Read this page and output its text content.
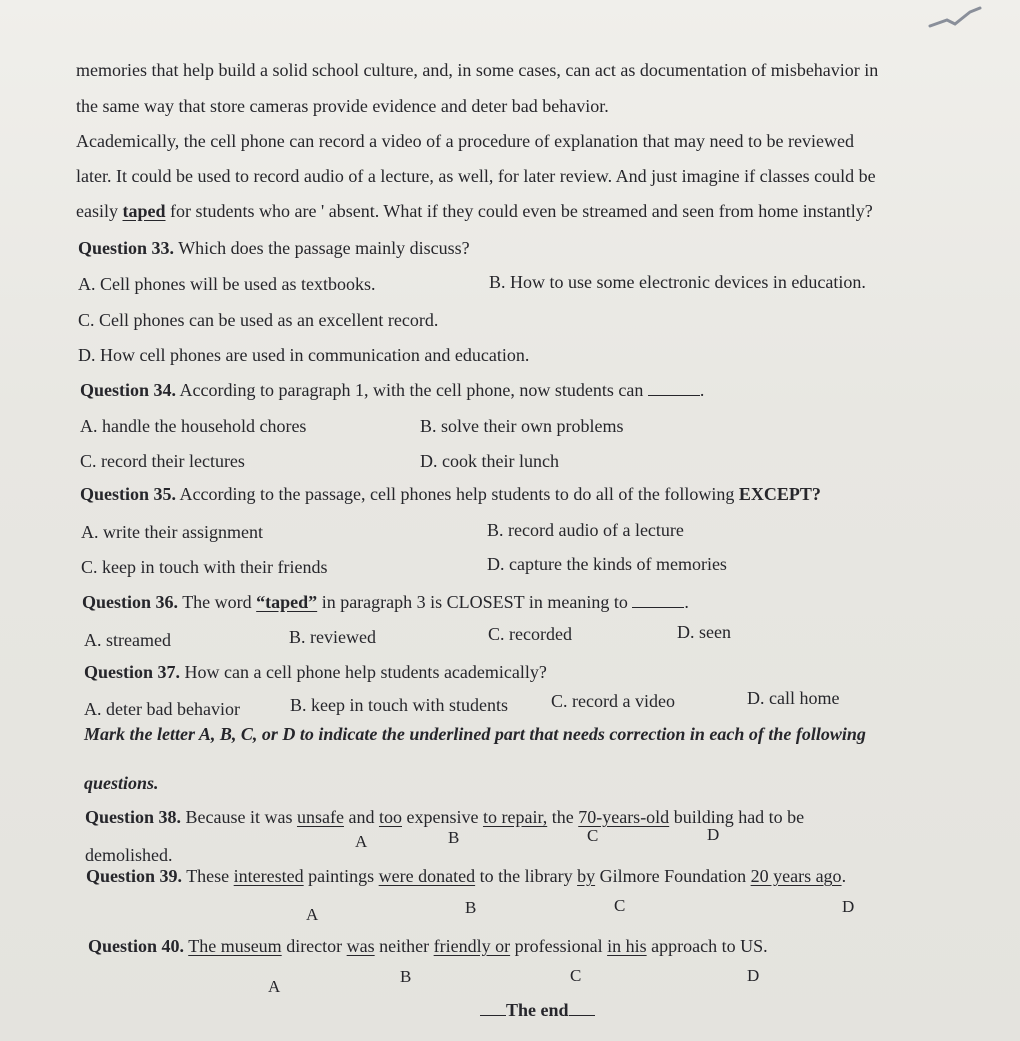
memories that help build a solid school culture, and, in some cases, can act as documentation of misbehavior in
the same way that store cameras provide evidence and deter bad behavior.
Academically, the cell phone can record a video of a procedure of explanation that may need to be reviewed
later. It could be used to record audio of a lecture, as well, for later review. And just imagine if classes could be
easily taped for students who are ' absent. What if they could even be streamed and seen from home instantly?
Question 33. Which does the passage mainly discuss?
A. Cell phones will be used as textbooks.	B. How to use some electronic devices in education.
C. Cell phones can be used as an excellent record.
D. How cell phones are used in communication and education.
Question 34. According to paragraph 1, with the cell phone, now students can	.
A. handle the household chores	B. solve their own problems
C. record their lectures	D. cook their lunch
Question 35. According to the passage, cell phones help students to do all of the following EXCEPT?
A. write their assignment	B. record audio of a lecture
C. keep in touch with their friends	D. capture the kinds of memories
Question 36. The word “taped” in paragraph 3 is CLOSEST in meaning to	.
A. streamed	B. reviewed	C. recorded	D. seen
Question 37. How can a cell phone help students academically?
A. deter bad behavior	B. keep in touch with students C. record a video	D. call home
Mark the letter A, B, C, or D to indicate the underlined part that needs correction in each of the following
questions.
Question 38. Because it was unsafe and too expensive to repair, the 70-years-old building had to be
A	B	C	D
demolished.
Question 39. These interested paintings were donated to the library by Gilmore Foundation 20 years ago.
A	B	C	D
Question 40. The museum director was neither friendly or professional in his approach to US.
A
B	C	D
The end
